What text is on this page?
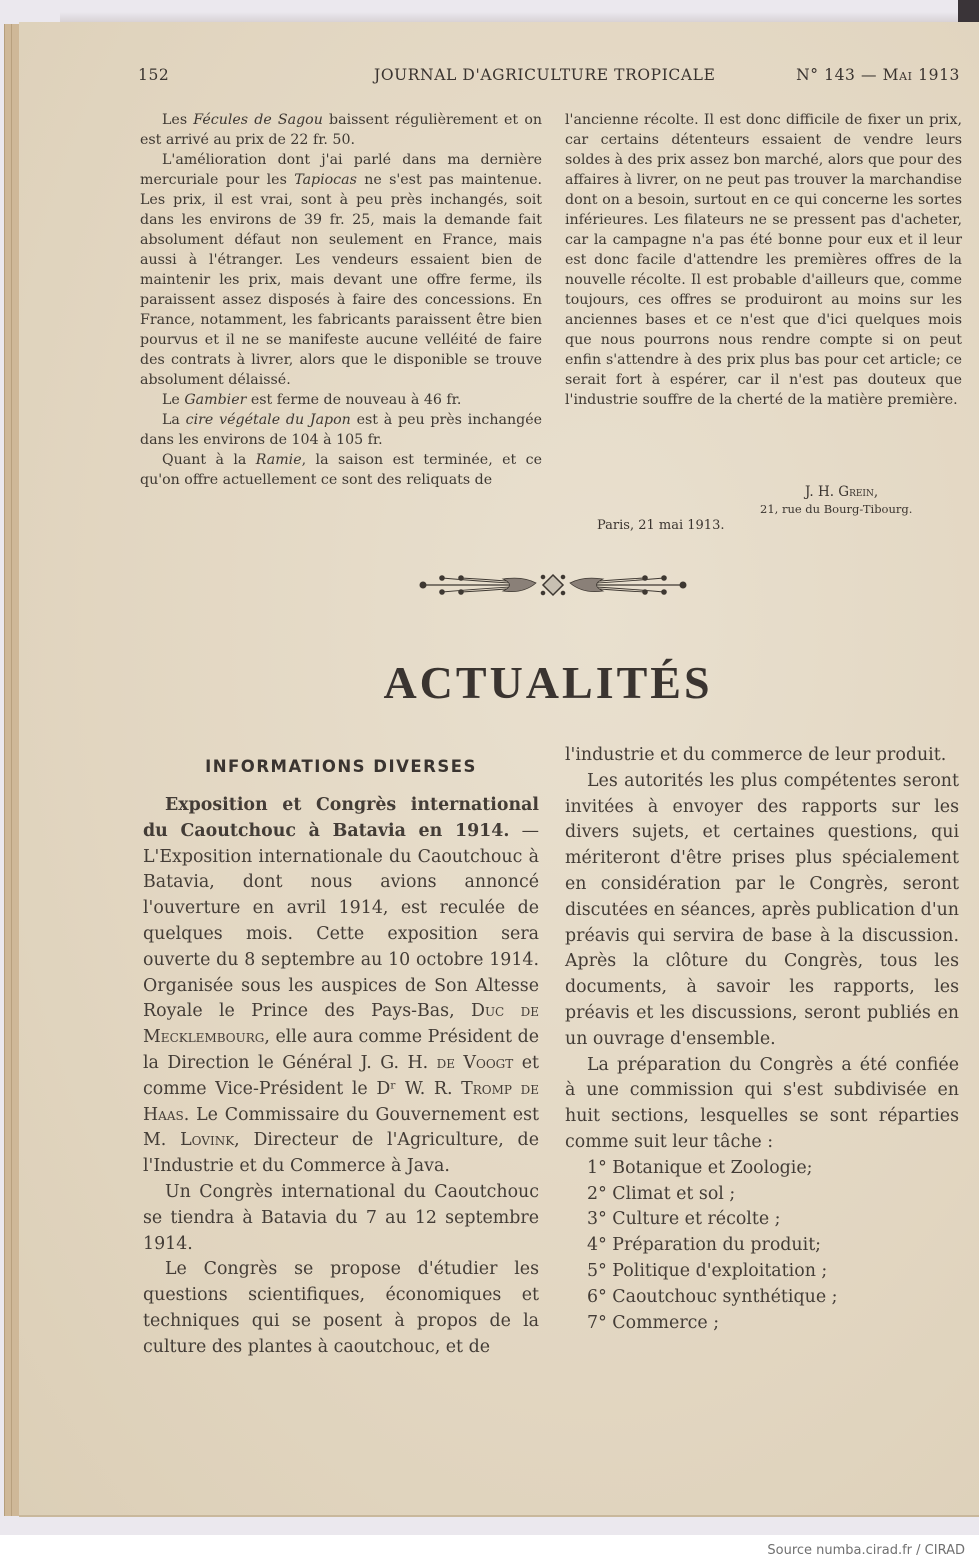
152	JOURNAL D'AGRICULTURE TROPICALE	N° 143 — Mai 1913

Les Fécules de Sagou baissent régulièrement et on est arrivé au prix de 22 fr. 50.

L'amélioration dont j'ai parlé dans ma dernière mercuriale pour les Tapiocas ne s'est pas maintenue. Les prix, il est vrai, sont à peu près inchangés, soit dans les environs de 39 fr. 25, mais la demande fait absolument défaut non seulement en France, mais aussi à l'étranger. Les vendeurs essaient bien de maintenir les prix, mais devant une offre ferme, ils paraissent assez disposés à faire des concessions. En France, notamment, les fabricants paraissent être bien pourvus et il ne se manifeste aucune velléité de faire des contrats à livrer, alors que le disponible se trouve absolument délaissé.

Le Gambier est ferme de nouveau à 46 fr.

La cire végétale du Japon est à peu près inchangée dans les environs de 104 à 105 fr.

Quant à la Ramie, la saison est terminée, et ce qu'on offre actuellement ce sont des reliquats de

l'ancienne récolte. Il est donc difficile de fixer un prix, car certains détenteurs essaient de vendre leurs soldes à des prix assez bon marché, alors que pour des affaires à livrer, on ne peut pas trouver la marchandise dont on a besoin, surtout en ce qui concerne les sortes inférieures. Les filateurs ne se pressent pas d'acheter, car la campagne n'a pas été bonne pour eux et il leur est donc facile d'attendre les premières offres de la nouvelle récolte. Il est probable d'ailleurs que, comme toujours, ces offres se produiront au moins sur les anciennes bases et ce n'est que d'ici quelques mois que nous pourrons nous rendre compte si on peut enfin s'attendre à des prix plus bas pour cet article; ce serait fort à espérer, car il n'est pas douteux que l'industrie souffre de la cherté de la matière première.

J. H. Grein,
21, rue du Bourg-Tibourg.
Paris, 21 mai 1913.
ACTUALITÉS
INFORMATIONS DIVERSES

Exposition et Congrès international du Caoutchouc à Batavia en 1914. — L'Exposition internationale du Caoutchouc à Batavia, dont nous avions annoncé l'ouverture en avril 1914, est reculée de quelques mois. Cette exposition sera ouverte du 8 septembre au 10 octobre 1914. Organisée sous les auspices de Son Altesse Royale le Prince des Pays-Bas, Duc de Mecklembourg, elle aura comme Président de la Direction le Général J. G. H. de Voogt et comme Vice-Président le Dʳ W. R. Tromp de Haas. Le Commissaire du Gouvernement est M. Lovink, Directeur de l'Agriculture, de l'Industrie et du Commerce à Java.

Un Congrès international du Caoutchouc se tiendra à Batavia du 7 au 12 septembre 1914.

Le Congrès se propose d'étudier les questions scientifiques, économiques et techniques qui se posent à propos de la culture des plantes à caoutchouc, et de

l'industrie et du commerce de leur produit.

Les autorités les plus compétentes seront invitées à envoyer des rapports sur les divers sujets, et certaines questions, qui mériteront d'être prises plus spécialement en considération par le Congrès, seront discutées en séances, après publication d'un préavis qui servira de base à la discussion. Après la clôture du Congrès, tous les documents, à savoir les rapports, les préavis et les discussions, seront publiés en un ouvrage d'ensemble.

La préparation du Congrès a été confiée à une commission qui s'est subdivisée en huit sections, lesquelles se sont réparties comme suit leur tâche :

1° Botanique et Zoologie;
2° Climat et sol ;
3° Culture et récolte ;
4° Préparation du produit;
5° Politique d'exploitation ;
6° Caoutchouc synthétique ;
7° Commerce ;
Source numba.cirad.fr / CIRAD
